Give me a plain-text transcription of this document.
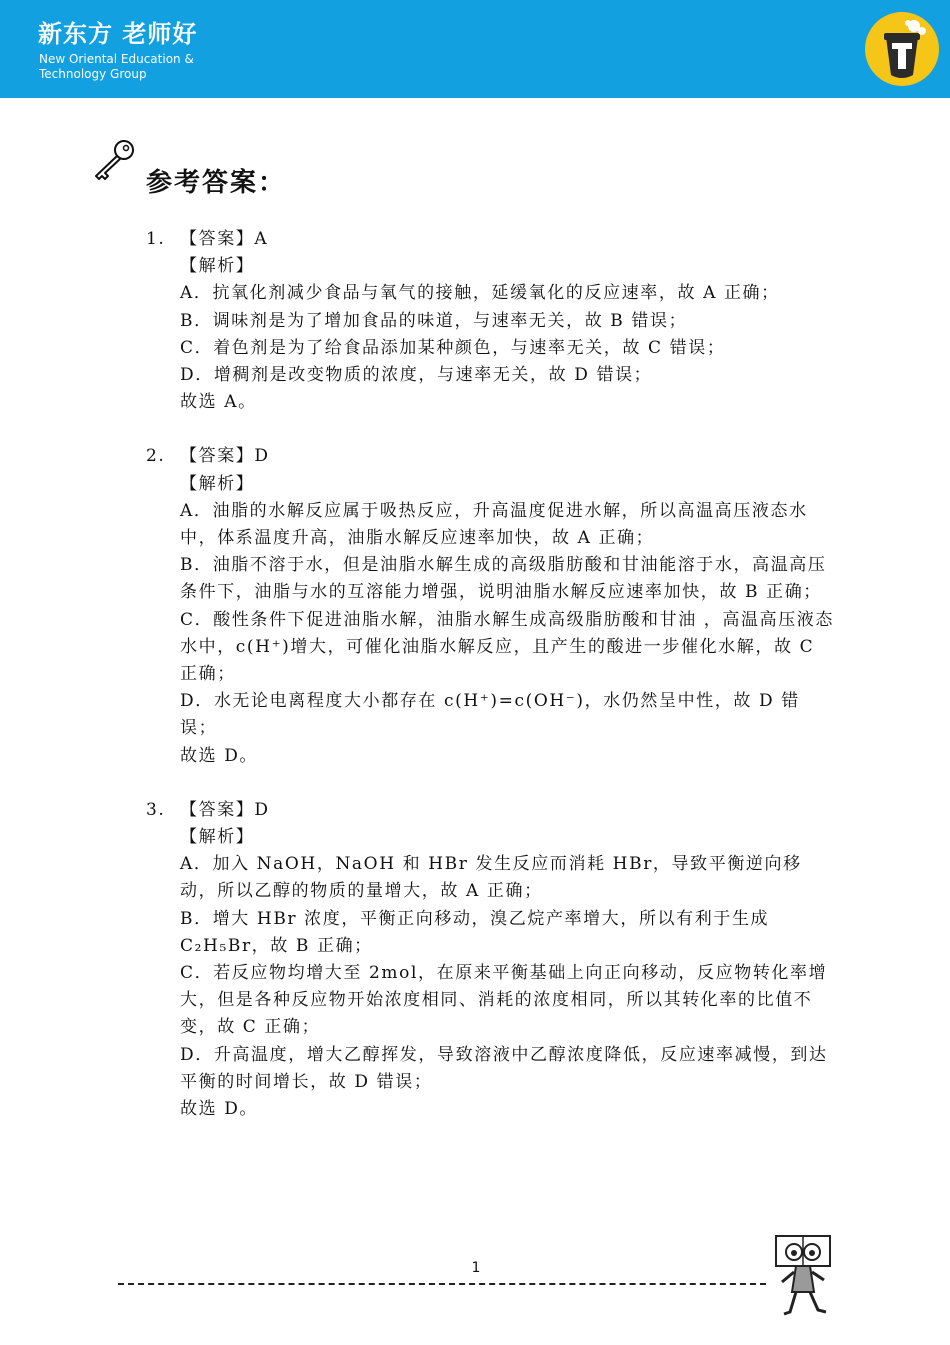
新东方 老师好
New Oriental Education &
Technology Group
参考答案：
1. 【答案】A
【解析】
A．抗氧化剂减少食品与氧气的接触，延缓氧化的反应速率，故 A 正确；
B．调味剂是为了增加食品的味道，与速率无关，故 B 错误；
C．着色剂是为了给食品添加某种颜色，与速率无关，故 C 错误；
D．增稠剂是改变物质的浓度，与速率无关，故 D 错误；
故选 A。
2. 【答案】D
【解析】
A．油脂的水解反应属于吸热反应，升高温度促进水解，所以高温高压液态水中，体系温度升高，油脂水解反应速率加快，故 A 正确；
B．油脂不溶于水，但是油脂水解生成的高级脂肪酸和甘油能溶于水，高温高压条件下，油脂与水的互溶能力增强，说明油脂水解反应速率加快，故 B 正确；
C．酸性条件下促进油脂水解，油脂水解生成高级脂肪酸和甘油 ，高温高压液态水中，c(H⁺)增大，可催化油脂水解反应，且产生的酸进一步催化水解，故 C 正确；
D．水无论电离程度大小都存在 c(H⁺)=c(OH⁻)，水仍然呈中性，故 D 错误；
故选 D。
3. 【答案】D
【解析】
A．加入 NaOH，NaOH 和 HBr 发生反应而消耗 HBr，导致平衡逆向移动，所以乙醇的物质的量增大，故 A 正确；
B．增大 HBr 浓度，平衡正向移动，溴乙烷产率增大，所以有利于生成 C₂H₅Br，故 B 正确；
C．若反应物均增大至 2mol，在原来平衡基础上向正向移动，反应物转化率增大，但是各种反应物开始浓度相同、消耗的浓度相同，所以其转化率的比值不变，故 C 正确；
D．升高温度，增大乙醇挥发，导致溶液中乙醇浓度降低，反应速率减慢，到达平衡的时间增长，故 D 错误；
故选 D。
1
